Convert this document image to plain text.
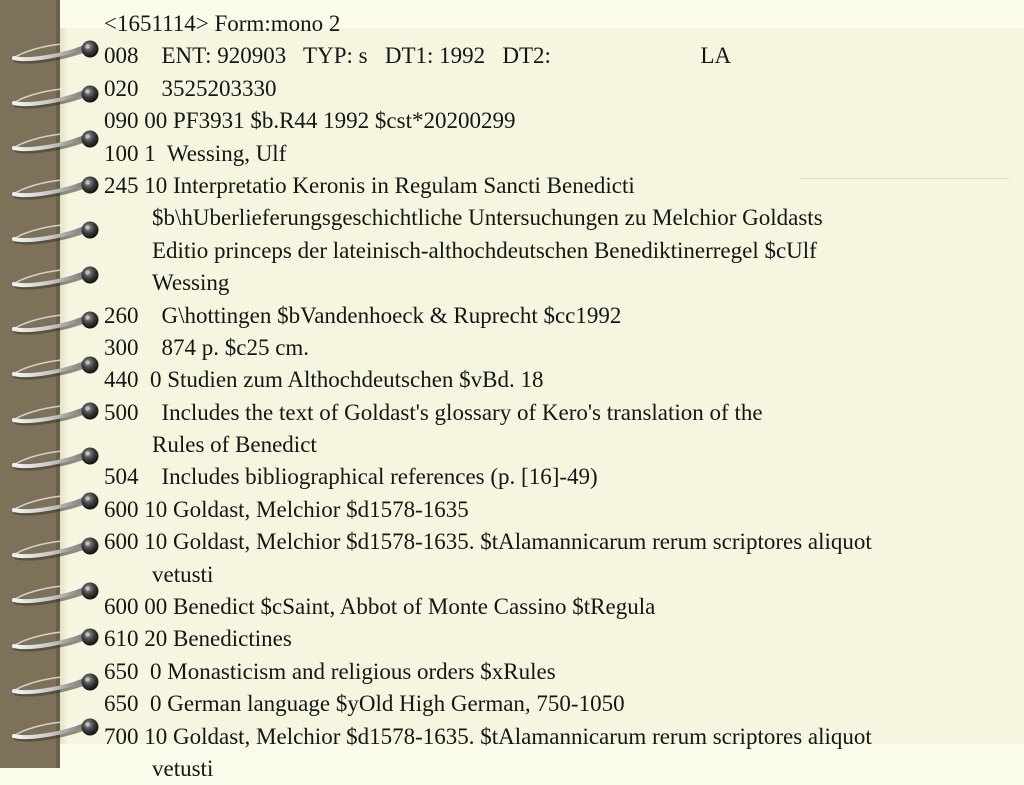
<1651114> Form:mono 2
008    ENT: 920903   TYP: s   DT1: 1992   DT2:                          LA
020    3525203330
090 00 PF3931 $b.R44 1992 $cst*20200299
100 1  Wessing, Ulf
245 10 Interpretatio Keronis in Regulam Sancti Benedicti
$b\hUberlieferungsgeschichtliche Untersuchungen zu Melchior Goldasts
Editio princeps der lateinisch-althochdeutschen Benediktinerregel $cUlf
Wessing
260    G\hottingen $bVandenhoeck & Ruprecht $cc1992
300    874 p. $c25 cm.
440  0 Studien zum Althochdeutschen $vBd. 18
500    Includes the text of Goldast's glossary of Kero's translation of the
Rules of Benedict
504    Includes bibliographical references (p. [16]-49)
600 10 Goldast, Melchior $d1578-1635
600 10 Goldast, Melchior $d1578-1635. $tAlamannicarum rerum scriptores aliquot
vetusti
600 00 Benedict $cSaint, Abbot of Monte Cassino $tRegula
610 20 Benedictines
650  0 Monasticism and religious orders $xRules
650  0 German language $yOld High German, 750-1050
700 10 Goldast, Melchior $d1578-1635. $tAlamannicarum rerum scriptores aliquot
vetusti
